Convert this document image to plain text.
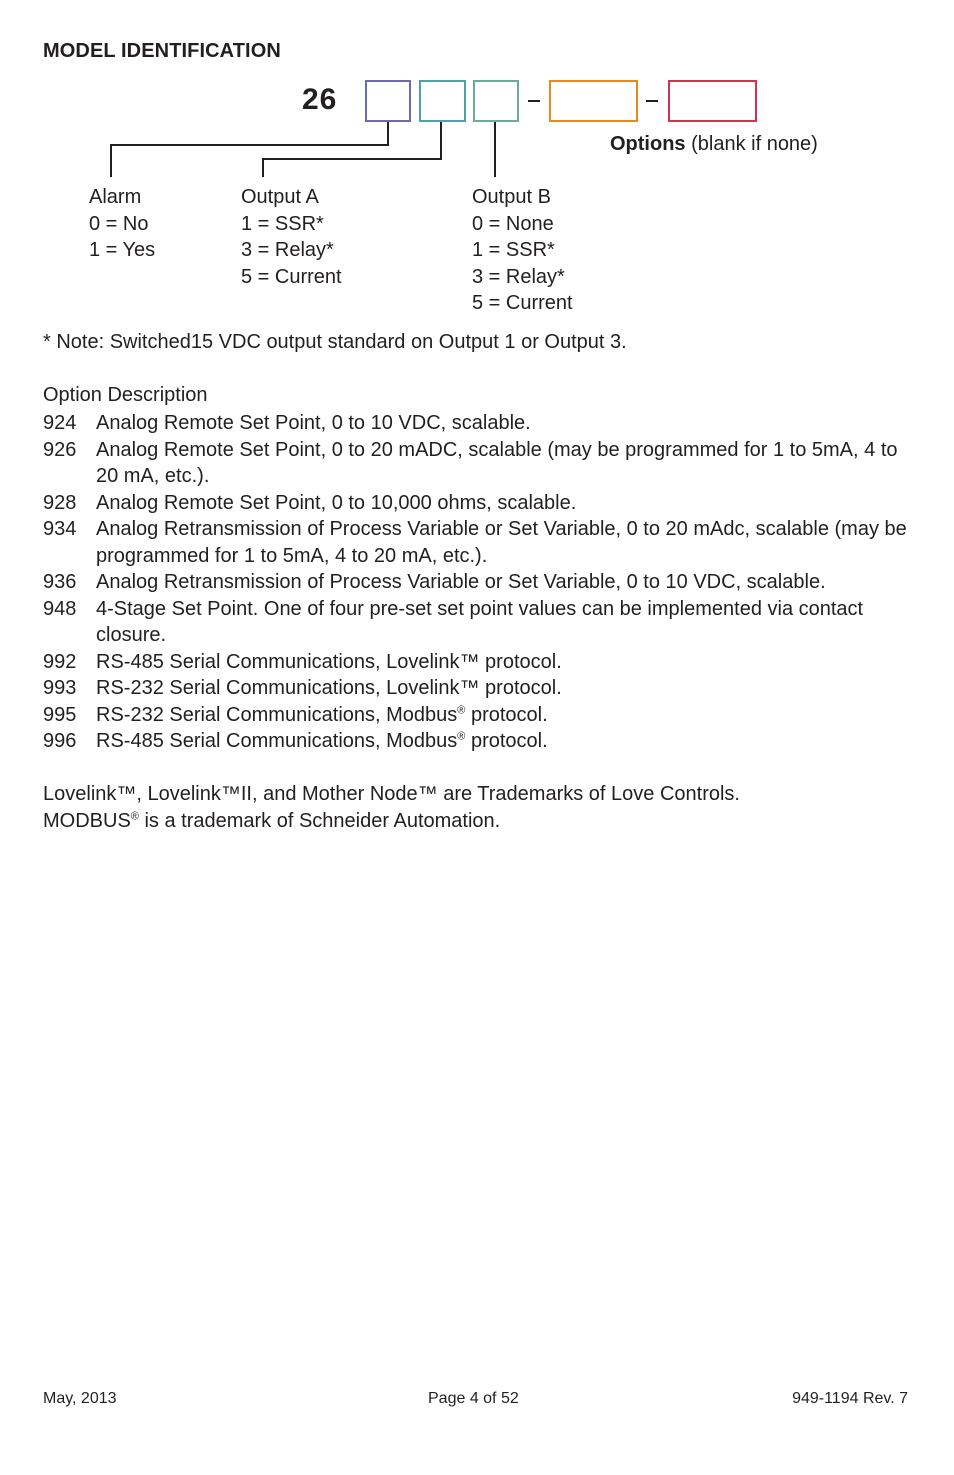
MODEL IDENTIFICATION
26
Options (blank if none)
Alarm
0 = No
1 = Yes
Output A
1 = SSR*
3 = Relay*
5 = Current
Output B
0 = None
1 = SSR*
3 = Relay*
5 = Current
* Note: Switched15 VDC output standard on Output 1 or Output 3.
Option Description
924 Analog Remote Set Point, 0 to 10 VDC, scalable.
926 Analog Remote Set Point, 0 to 20 mADC, scalable (may be programmed for 1 to 5mA, 4 to 20 mA, etc.).
928 Analog Remote Set Point, 0 to 10,000 ohms, scalable.
934 Analog Retransmission of Process Variable or Set Variable, 0 to 20 mAdc, scalable (may be programmed for 1 to 5mA, 4 to 20 mA, etc.).
936 Analog Retransmission of Process Variable or Set Variable, 0 to 10 VDC, scalable.
948 4-Stage Set Point. One of four pre-set set point values can be implemented via contact closure.
992 RS-485 Serial Communications, Lovelink™ protocol.
993 RS-232 Serial Communications, Lovelink™ protocol.
995 RS-232 Serial Communications, Modbus® protocol.
996 RS-485 Serial Communications, Modbus® protocol.
Lovelink™, Lovelink™II, and Mother Node™ are Trademarks of Love Controls.
MODBUS® is a trademark of Schneider Automation.
May, 2013	Page 4 of 52	949-1194 Rev. 7
